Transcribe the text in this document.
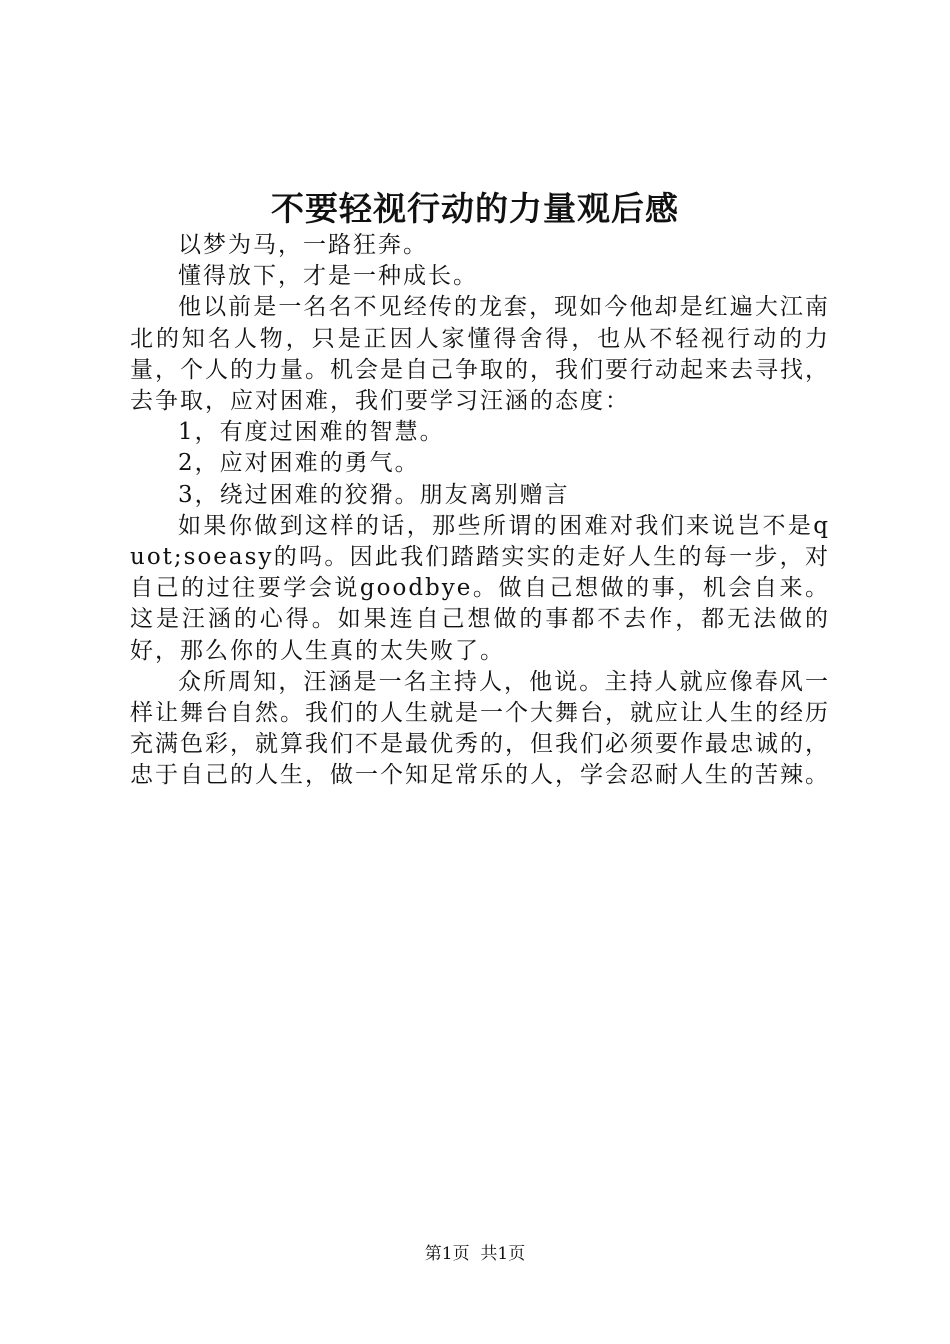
不要轻视行动的力量观后感

以梦为马，一路狂奔。

懂得放下，才是一种成长。

他以前是一名名不见经传的龙套，现如今他却是红遍大江南北的知名人物，只是正因人家懂得舍得，也从不轻视行动的力量，个人的力量。机会是自己争取的，我们要行动起来去寻找，去争取，应对困难，我们要学习汪涵的态度：

1，有度过困难的智慧。

2，应对困难的勇气。

3，绕过困难的狡猾。朋友离别赠言

如果你做到这样的话，那些所谓的困难对我们来说岂不是quot;soeasy的吗。因此我们踏踏实实的走好人生的每一步，对自己的过往要学会说goodbye。做自己想做的事，机会自来。这是汪涵的心得。如果连自己想做的事都不去作，都无法做的好，那么你的人生真的太失败了。

众所周知，汪涵是一名主持人，他说。主持人就应像春风一样让舞台自然。我们的人生就是一个大舞台，就应让人生的经历充满色彩，就算我们不是最优秀的，但我们必须要作最忠诚的，忠于自己的人生，做一个知足常乐的人，学会忍耐人生的苦辣。

第1页 共1页
